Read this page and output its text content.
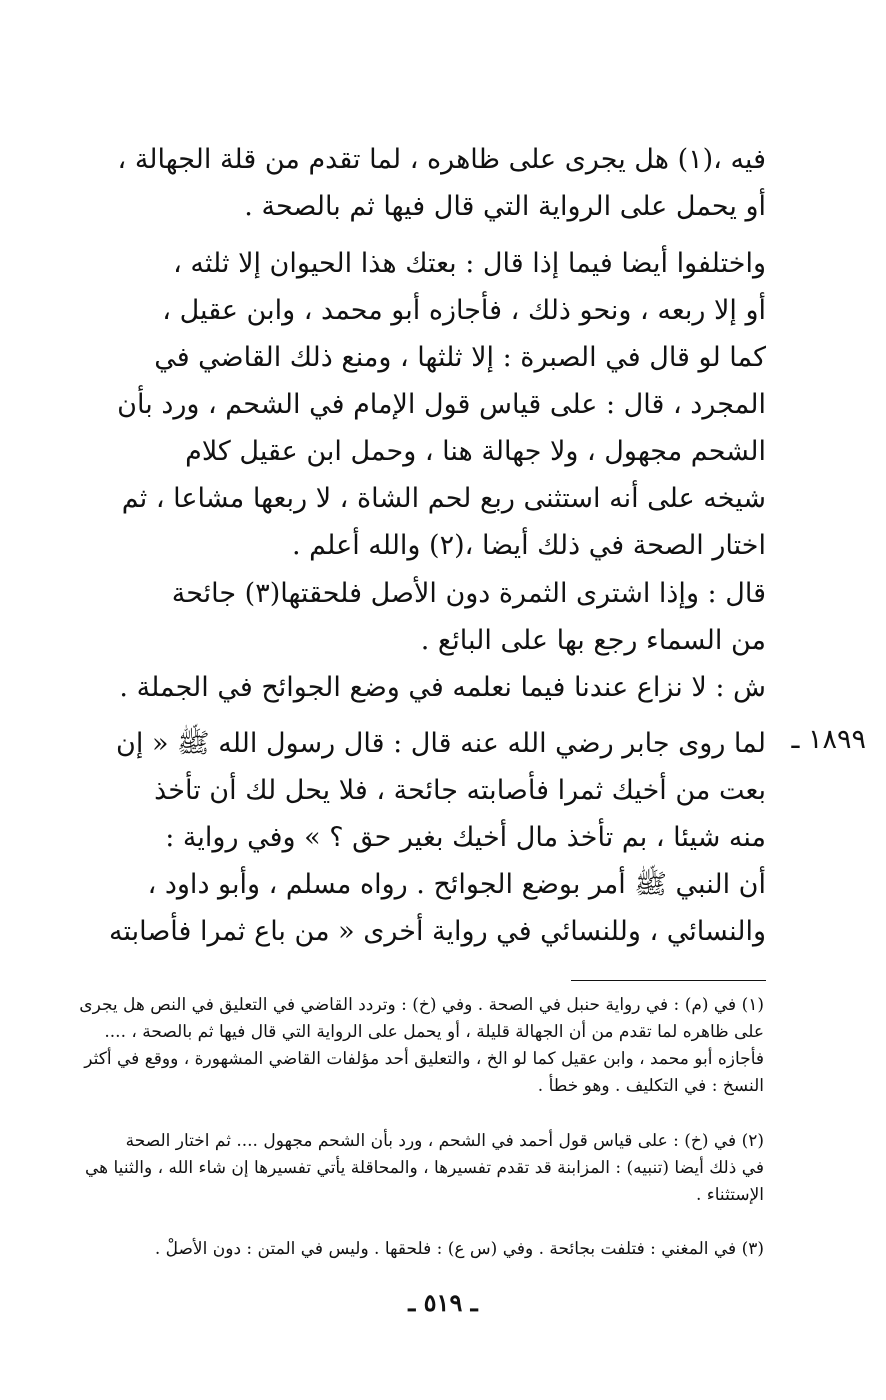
فيه ،(١) هل يجرى على ظاهره ، لما تقدم من قلة الجهالة ،
أو يحمل على الرواية التي قال فيها ثم بالصحة .
واختلفوا أيضا فيما إذا قال : بعتك هذا الحيوان إلا ثلثه ،
أو إلا ربعه ، ونحو ذلك ، فأجازه أبو محمد ، وابن عقيل ،
كما لو قال في الصبرة : إلا ثلثها ، ومنع ذلك القاضي في
المجرد ، قال : على قياس قول الإمام في الشحم ، ورد بأن
الشحم مجهول ، ولا جهالة هنا ، وحمل ابن عقيل كلام
شيخه على أنه استثنى ربع لحم الشاة ، لا ربعها مشاعا ، ثم
اختار الصحة في ذلك أيضا ،(٢) والله أعلم .
قال : وإذا اشترى الثمرة دون الأصل فلحقتها(٣) جائحة
من السماء رجع بها على البائع .
ش : لا نزاع عندنا فيما نعلمه في وضع الجوائح في الجملة .
١٨٩٩ ـ
لما روى جابر رضي الله عنه قال : قال رسول الله ﷺ « إن
بعت من أخيك ثمرا فأصابته جائحة ، فلا يحل لك أن تأخذ
منه شيئا ، بم تأخذ مال أخيك بغير حق ؟ » وفي رواية :
أن النبي ﷺ أمر بوضع الجوائح . رواه مسلم ، وأبو داود ،
والنسائي ، وللنسائي في رواية أخرى « من باع ثمرا فأصابته
(١) في (م) : في رواية حنبل في الصحة . وفي (خ) : وتردد القاضي في التعليق في النص هل يجرى
على ظاهره لما تقدم من أن الجهالة قليلة ، أو يحمل على الرواية التي قال فيها ثم بالصحة ، ....
فأجازه أبو محمد ، وابن عقيل كما لو الخ ، والتعليق أحد مؤلفات القاضي المشهورة ، ووقع في أكثر
النسخ : في التكليف . وهو خطأ .
(٢) في (خ) : على قياس قول أحمد في الشحم ، ورد بأن الشحم مجهول .... ثم اختار الصحة
في ذلك أيضا (تنبيه) : المزابنة قد تقدم تفسيرها ، والمحاقلة يأتي تفسيرها إن شاء الله ، والثنيا هي
الإستثناء .
(٣) في المغني : فتلفت بجائحة . وفي (س ع) : فلحقها . وليس في المتن : دون الأصلْ .
ـ ٥١٩ ـ
